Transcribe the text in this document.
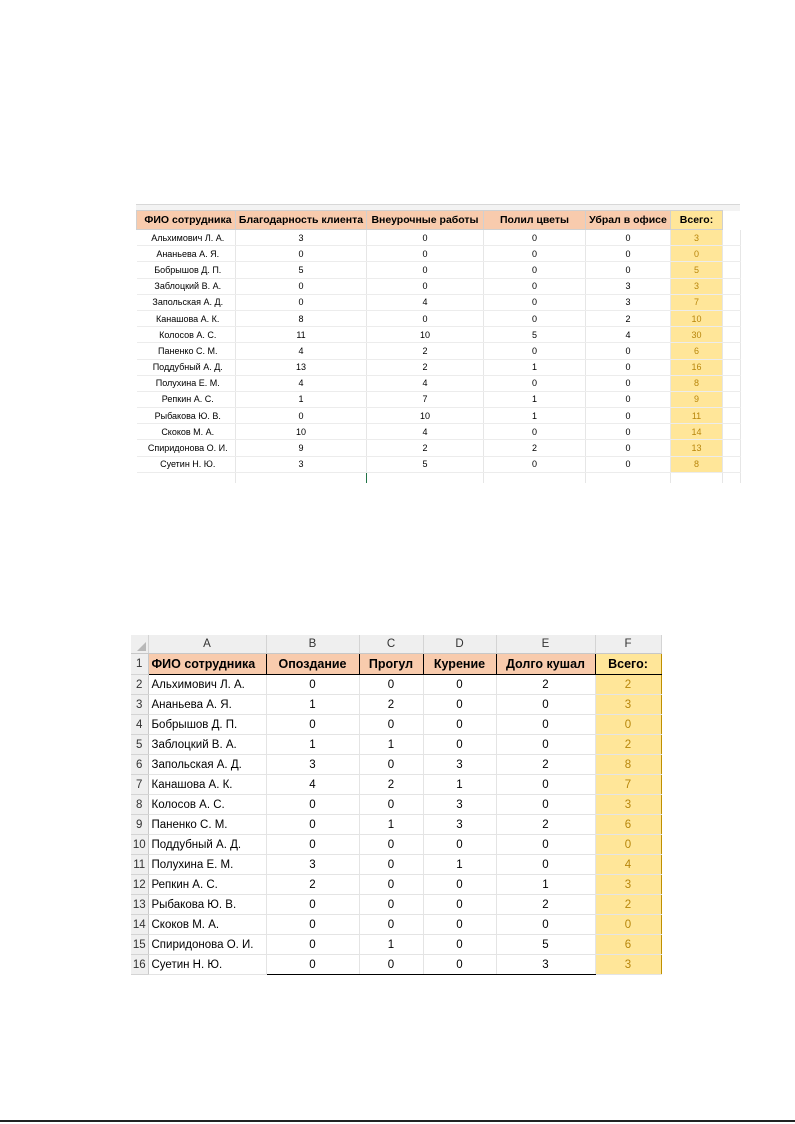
ФИО сотрудника	Благодарность клиента	Внеурочные работы	Полил цветы	Убрал в офисе	Всего:	
Альхимович Л. А.	3	0	0	0	3	
Ананьева А. Я.	0	0	0	0	0	
Бобрышов Д. П.	5	0	0	0	5	
Заблоцкий В. А.	0	0	0	3	3	
Запольская А. Д.	0	4	0	3	7	
Канашова А. К.	8	0	0	2	10	
Колосов А. С.	11	10	5	4	30	
Паненко С. М.	4	2	0	0	6	
Поддубный А. Д.	13	2	1	0	16	
Полухина Е. М.	4	4	0	0	8	
Репкин А. С.	1	7	1	0	9	
Рыбакова Ю. В.	0	10	1	0	11	
Скоков М. А.	10	4	0	0	14	
Спиридонова О. И.	9	2	2	0	13	
Суетин Н. Ю.	3	5	0	0	8	

	A	B	C	D	E	F
1	ФИО сотрудника	Опоздание	Прогул	Курение	Долго кушал	Всего:
2	Альхимович Л. А.	0	0	0	2	2
3	Ананьева А. Я.	1	2	0	0	3
4	Бобрышов Д. П.	0	0	0	0	0
5	Заблоцкий В. А.	1	1	0	0	2
6	Запольская А. Д.	3	0	3	2	8
7	Канашова А. К.	4	2	1	0	7
8	Колосов А. С.	0	0	3	0	3
9	Паненко С. М.	0	1	3	2	6
10	Поддубный А. Д.	0	0	0	0	0
11	Полухина Е. М.	3	0	1	0	4
12	Репкин А. С.	2	0	0	1	3
13	Рыбакова Ю. В.	0	0	0	2	2
14	Скоков М. А.	0	0	0	0	0
15	Спиридонова О. И.	0	1	0	5	6
16	Суетин Н. Ю.	0	0	0	3	3
